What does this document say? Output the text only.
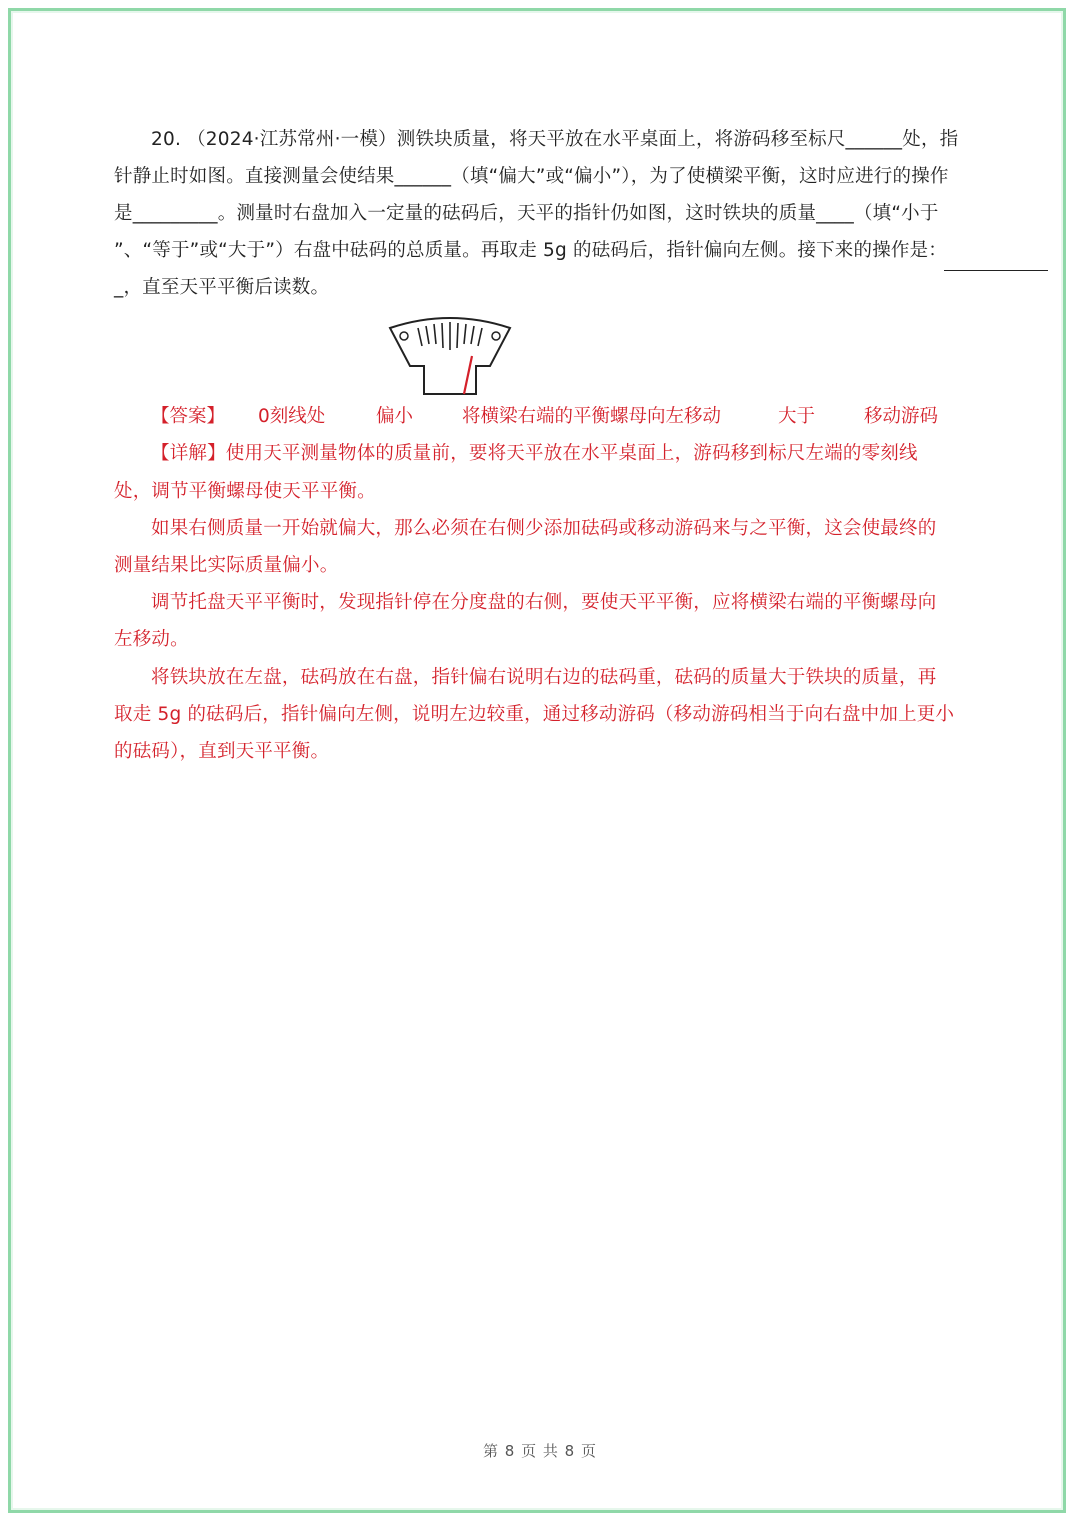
20. （2024·江苏常州·一模）测铁块质量，将天平放在水平桌面上，将游码移至标尺______处，指
针静止时如图。直接测量会使结果______（填“偏大”或“偏小”），为了使横梁平衡，这时应进行的操作
是_________。测量时右盘加入一定量的砝码后，天平的指针仍如图，这时铁块的质量____（填“小于
”、“等于”或“大于”）右盘中砝码的总质量。再取走 5g 的砝码后，指针偏向左侧。接下来的操作是：
_，直至天平平衡后读数。
【答案】 0刻线处	偏小	将横梁右端的平衡螺母向左移动	大于	移动游码
【详解】使用天平测量物体的质量前，要将天平放在水平桌面上，游码移到标尺左端的零刻线
处，调节平衡螺母使天平平衡。
如果右侧质量一开始就偏大，那么必须在右侧少添加砝码或移动游码来与之平衡，这会使最终的
测量结果比实际质量偏小。
调节托盘天平平衡时，发现指针停在分度盘的右侧，要使天平平衡，应将横梁右端的平衡螺母向
左移动。
将铁块放在左盘，砝码放在右盘，指针偏右说明右边的砝码重，砝码的质量大于铁块的质量，再
取走 5g 的砝码后，指针偏向左侧，说明左边较重，通过移动游码（移动游码相当于向右盘中加上更小
的砝码），直到天平平衡。
第 8 页 共 8 页
